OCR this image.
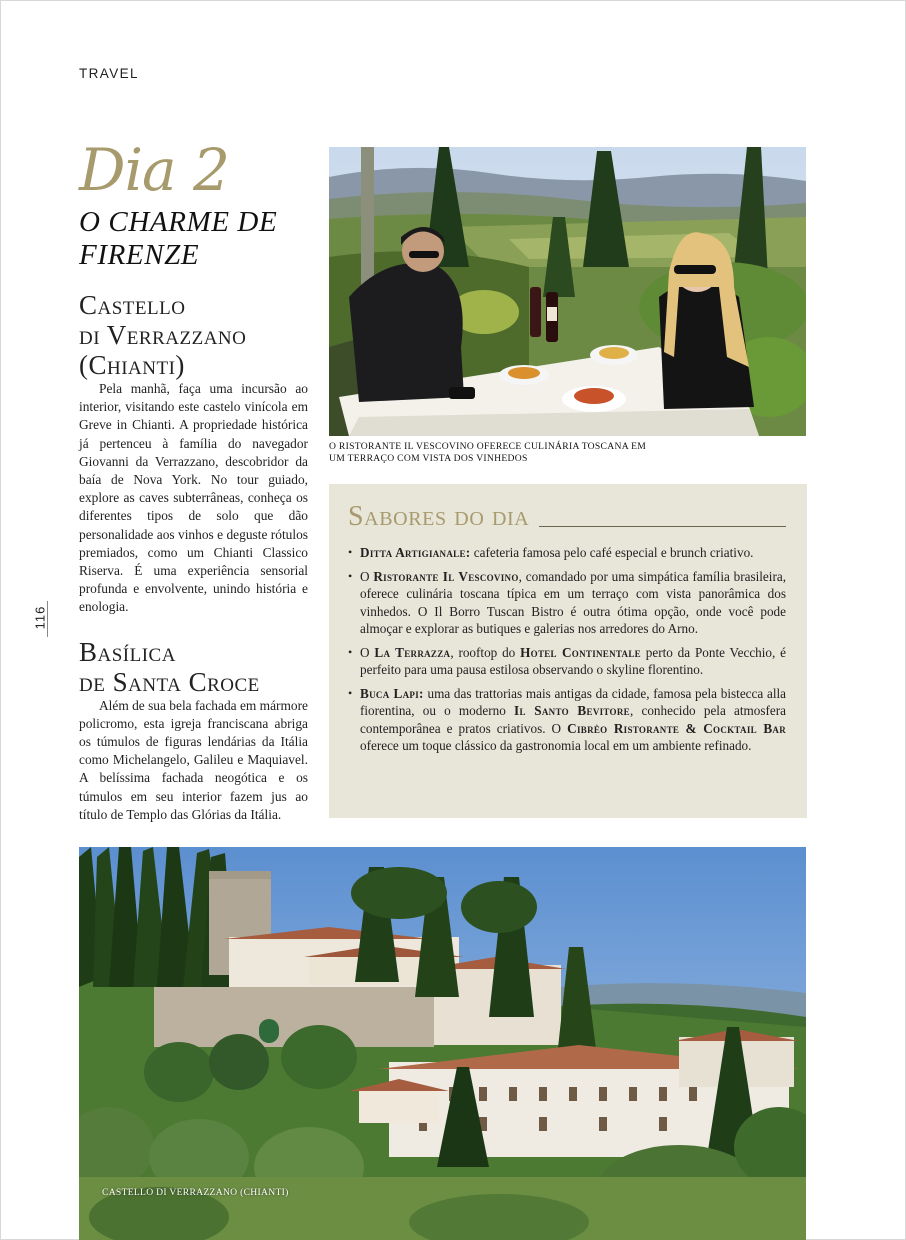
TRAVEL
116
Dia 2
O CHARME DE FIRENZE
Castello
di Verrazzano
(Chianti)

Pela manhã, faça uma incursão ao interior, visitando este castelo vinícola em Greve in Chianti. A propriedade histórica já pertenceu à família do navegador Giovanni da Verrazzano, descobridor da baía de Nova York. No tour guiado, explore as caves subterrâneas, conheça os diferentes tipos de solo que dão personalidade aos vinhos e deguste rótulos premiados, como um Chianti Classico Riserva. É uma experiência sensorial profunda e envolvente, unindo história e enologia.

Basílica
de Santa Croce

Além de sua bela fachada em mármore policromo, esta igreja franciscana abriga os túmulos de figuras lendárias da Itália como Michelangelo, Galileu e Maquiavel. A belíssima fachada neogótica e os túmulos em seu interior fazem jus ao título de Templo das Glórias da Itália.

O RISTORANTE IL VESCOVINO OFERECE CULINÁRIA TOSCANA EM UM TERRAÇO COM VISTA DOS VINHEDOS
Sabores do dia
• Ditta Artigianale: cafeteria famosa pelo café especial e brunch criativo.
• O Ristorante Il Vescovino, comandado por uma simpática família brasileira, oferece culinária toscana típica em um terraço com vista panorâmica dos vinhedos. O Il Borro Tuscan Bistro é outra ótima opção, onde você pode almoçar e explorar as butiques e galerias nos arredores do Arno.
• O La Terrazza, rooftop do Hotel Continentale perto da Ponte Vecchio, é perfeito para uma pausa estilosa observando o skyline florentino.
• Buca Lapi: uma das trattorias mais antigas da cidade, famosa pela bistecca alla fiorentina, ou o moderno Il Santo Bevitore, conhecido pela atmosfera contemporânea e pratos criativos. O Cibrèo Ristorante & Cocktail Bar oferece um toque clássico da gastronomia local em um ambiente refinado.
CASTELLO DI VERRAZZANO (CHIANTI)
